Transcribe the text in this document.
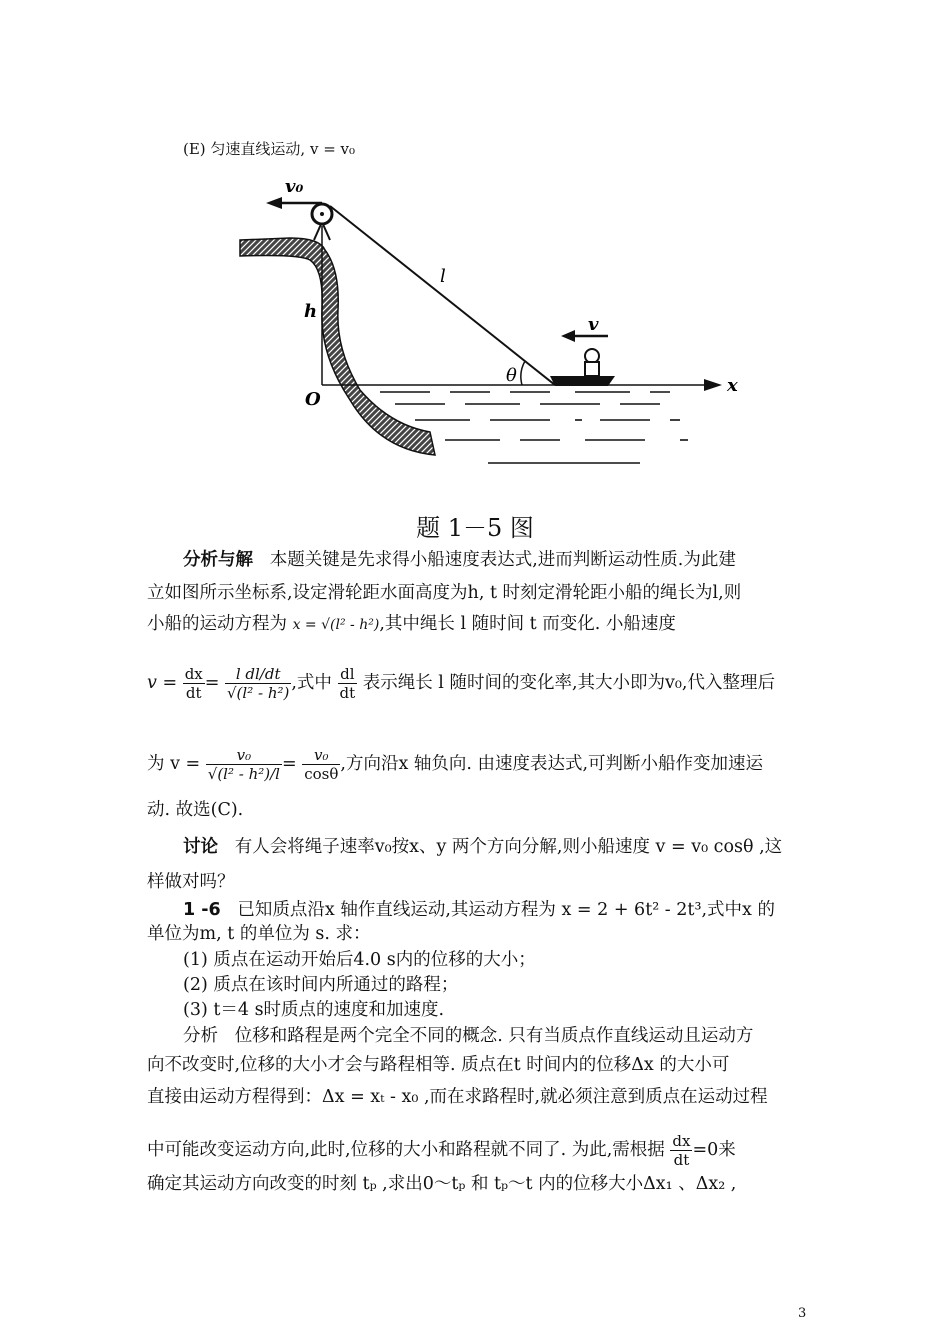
(E) 匀速直线运动, v = v₀
v₀
l
h
v
θ
O
x
题 1－5 图
分析与解 本题关键是先求得小船速度表达式,进而判断运动性质.为此建
立如图所示坐标系,设定滑轮距水面高度为h, t 时刻定滑轮距小船的绳长为l,则
小船的运动方程为 x = √(l² - h²),其中绳长 l 随时间 t 而变化. 小船速度
$v = \frac{dx}{dt} = \frac{\text{l dl/dt}}{\text{√(l² - h²)}}$ ,式中 $\frac{dl}{dt}$ 表示绳长 l 随时间的变化率,其大小即为v₀,代入整理后
为 $v = \frac{\text{v₀}}{\text{√(l² - h²)/l}} = \frac{\text{v₀}}{\cos\theta}$ ,方向沿x 轴负向. 由速度表达式,可判断小船作变加速运
动. 故选(C).
讨论 有人会将绳子速率v₀按x、y 两个方向分解,则小船速度 v = v₀ cosθ ,这
样做对吗？
1 -6 已知质点沿x 轴作直线运动,其运动方程为 x = 2 + 6t² - 2t³,式中x 的
单位为m, t 的单位为 s. 求：
(1) 质点在运动开始后4.0 s内的位移的大小；
(2) 质点在该时间内所通过的路程；
(3) t＝4 s时质点的速度和加速度.
分析 位移和路程是两个完全不同的概念. 只有当质点作直线运动且运动方
向不改变时,位移的大小才会与路程相等. 质点在t 时间内的位移Δx 的大小可
直接由运动方程得到：Δx = xₜ - x₀ ,而在求路程时,就必须注意到质点在运动过程
中可能改变运动方向,此时,位移的大小和路程就不同了. 为此,需根据 $\frac{dx}{dt} =0$来
确定其运动方向改变的时刻 tₚ ,求出0～tₚ 和 tₚ～t 内的位移大小Δx₁ 、Δx₂ ,
3
